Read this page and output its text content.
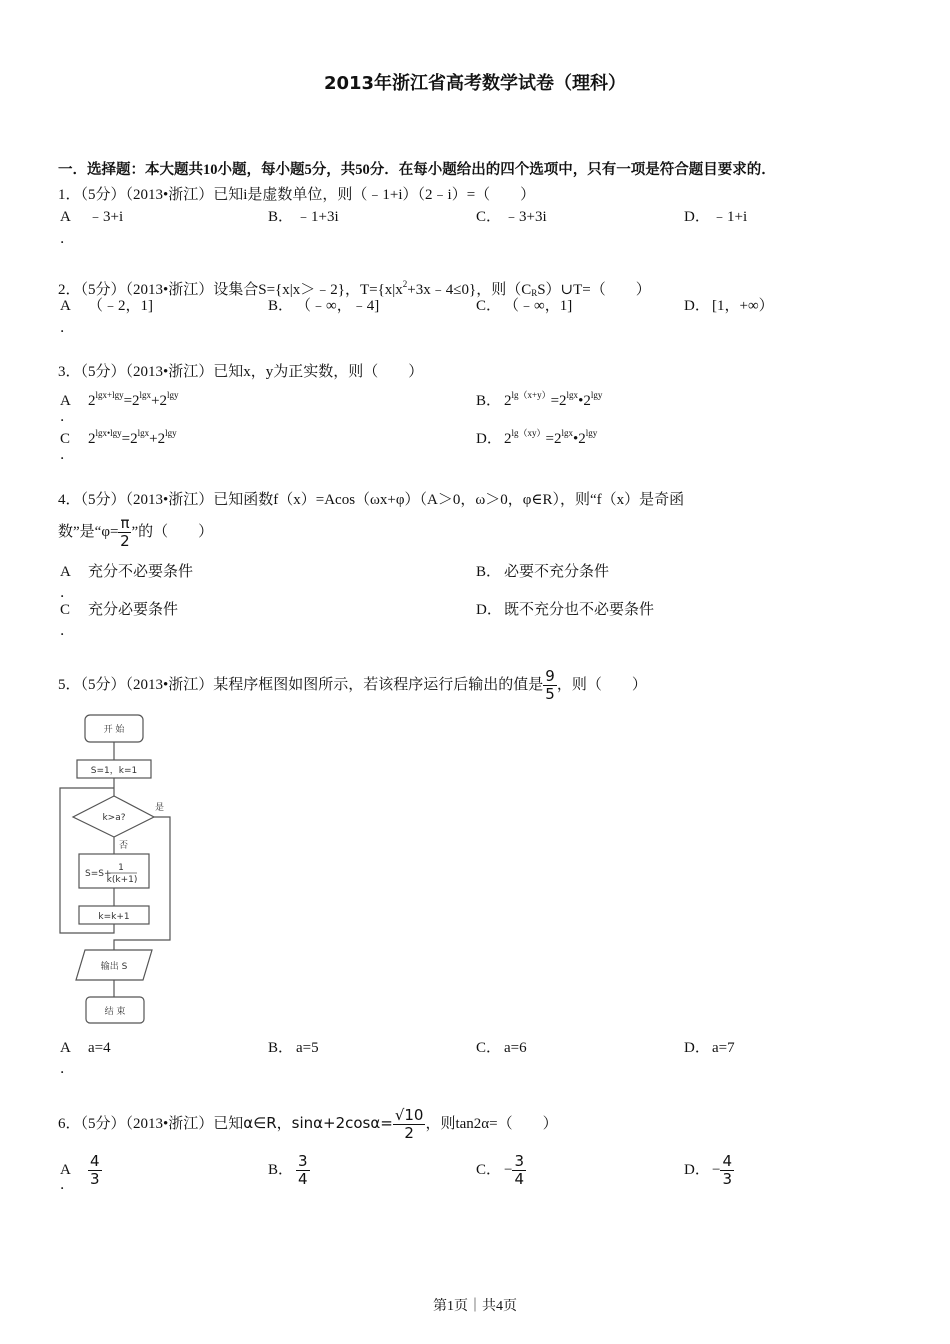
2013年浙江省高考数学试卷（理科）
一．选择题：本大题共10小题，每小题5分，共50分．在每小题给出的四个选项中，只有一项是符合题目要求的．
1．（5分）（2013•浙江）已知i是虚数单位，则（﹣1+i）（2﹣i）=（　　）
A ﹣3+i
．
B． ﹣1+3i	C． ﹣3+3i	D． ﹣1+i
2．（5分）（2013•浙江）设集合S={x|x＞﹣2}，$T=\{x|x^2+3x﹣4\le 0\}$，则$(C_RS)\cup T=$（　　）
A （﹣2，1]
．
B． （﹣∞，﹣4]	C． （﹣∞，1]	D． [1，+∞）
3．（5分）（2013•浙江）已知x，y为正实数，则（　　）
A $2^{lgx+lgy}=2^{lgx}+2^{lgy}$
．
B． $2^{lg(x+y)}=2^{lgx}•2^{lgy}$
C $2^{lgx•lgy}=2^{lgx}+2^{lgy}$
．
D． $2^{lg(xy)}=2^{lgx}•2^{lgy}$
4．（5分）（2013•浙江）已知函数f（x）=Acos（ωx+φ）（A＞0，ω＞0，φ∈R），则“f（x）是奇函
数”是“$\varphi= \frac{\pi}{2}$ ”的（　　）
A 充分不必要条件
．
B． 必要不充分条件
C 充分必要条件
．
D． 既不充分也不必要条件
5．（5分）（2013•浙江）某程序框图如图所示，若该程序运行后输出的值是 $\frac{9}{5}$ ，则（　　）
开 始
S=1，k=1
k>a?
是
否
S=S+
1
k(k+1)
k=k+1
输出 S
结 束
A a=4
．
B． a=5	C． a=6	D． a=7
6．（5分）（2013•浙江）已知α∈R，$\sin\alpha+2\cos\alpha= \frac{√10}{2}$ ，则tan2α=（　　）
A $\frac{4}{3}$
．
B． $\frac{3}{4}$	C． − $\frac{3}{4}$	D． − $\frac{4}{3}$
第1页｜共4页
